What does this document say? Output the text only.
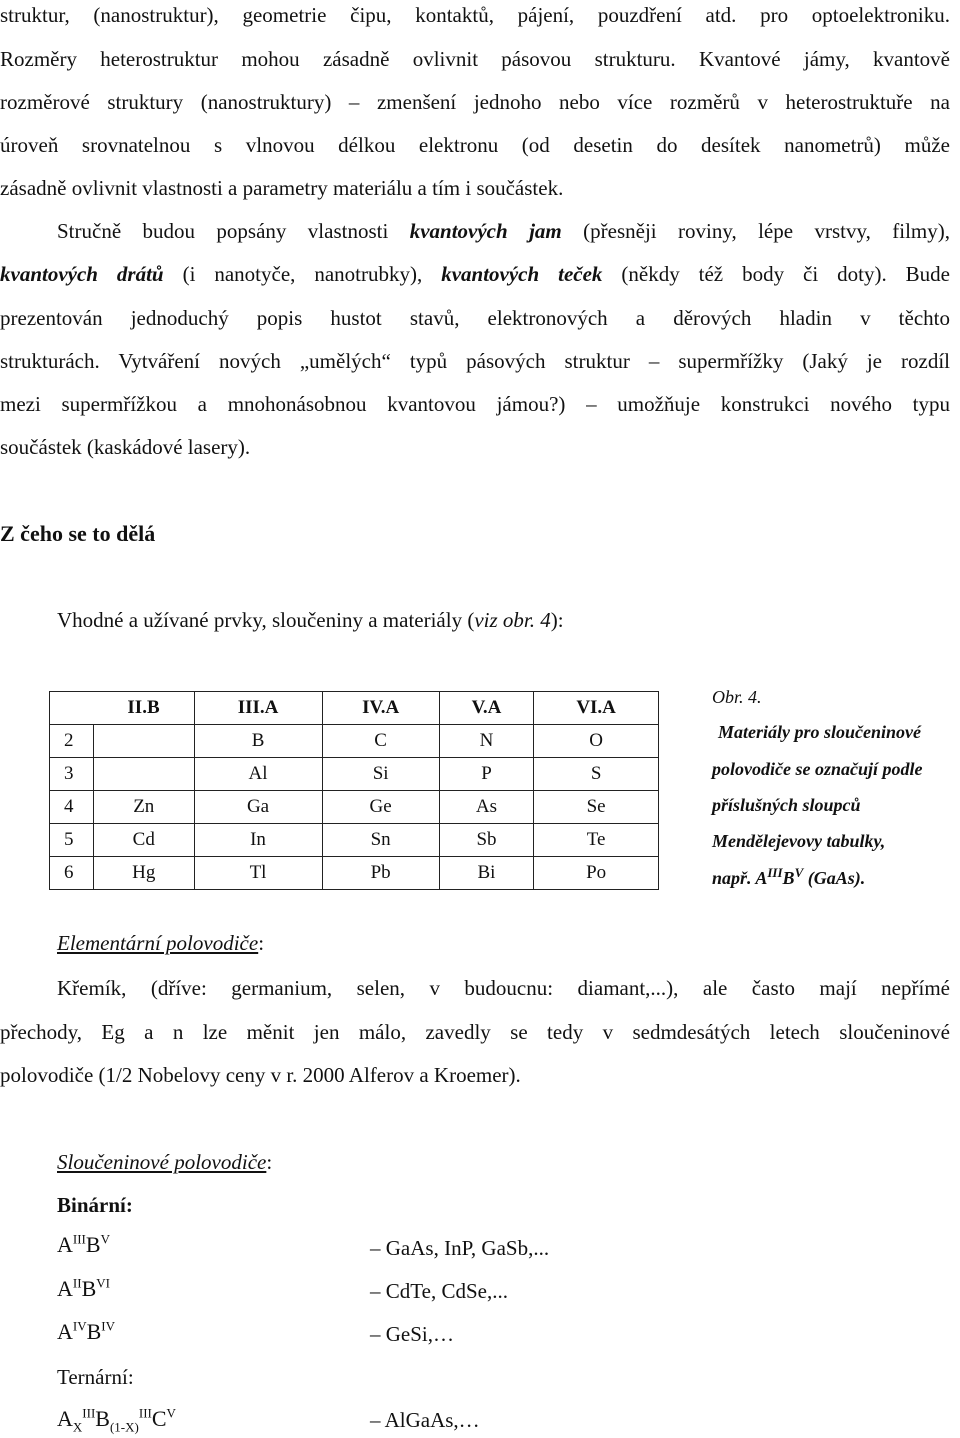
struktur, (nanostruktur), geometrie čipu, kontaktů, pájení, pouzdření atd. pro optoelektroniku.
Rozměry heterostruktur mohou zásadně ovlivnit pásovou strukturu. Kvantové jámy, kvantově
rozměrové struktury (nanostruktury) – zmenšení jednoho nebo více rozměrů v heterostruktuře na
úroveň srovnatelnou s vlnovou délkou elektronu (od desetin do desítek nanometrů) může
zásadně ovlivnit vlastnosti a parametry materiálu a tím i součástek.
Stručně budou popsány vlastnosti kvantových jam (přesněji roviny, lépe vrstvy, filmy),
kvantových drátů (i nanotyče, nanotrubky), kvantových teček (někdy též body či doty). Bude
prezentován jednoduchý popis hustot stavů, elektronových a děrových hladin v těchto
strukturách. Vytváření nových „umělých“ typů pásových struktur – supermřížky (Jaký je rozdíl
mezi supermřížkou a mnohonásobnou kvantovou jámou?) – umožňuje konstrukci nového typu
součástek (kaskádové lasery).
Z čeho se to dělá
Vhodné a užívané prvky, sloučeniny a materiály (viz obr. 4):
	II.B	III.A	IV.A	V.A	VI.A
2		B	C	N	O
3		Al	Si	P	S
4	Zn	Ga	Ge	As	Se
5	Cd	In	Sn	Sb	Te
6	Hg	Tl	Pb	Bi	Po
Obr. 4.
Materiály pro sloučeninové
polovodiče se označují podle
příslušných sloupců
Mendělejevovy tabulky,
např. $A^{III}B^V$ (GaAs).
Elementární polovodiče:
Křemík, (dříve: germanium, selen, v budoucnu: diamant,...), ale často mají nepřímé
přechody, Eg a n lze měnit jen málo, zavedly se tedy v sedmdesátých letech sloučeninové
polovodiče (1/2 Nobelovy ceny v r. 2000 Alferov a Kroemer).
Sloučeninové polovodiče:
Binární:
$A^{III}B^V$	– GaAs, InP, GaSb,...
$A^{II}B^{VI}$	– CdTe, CdSe,...
$A^{IV}B^{IV}$	– GeSi,…
Ternární:
$A_X^{III}B_{(1-X)}^{III}C^V$	– AlGaAs,…
